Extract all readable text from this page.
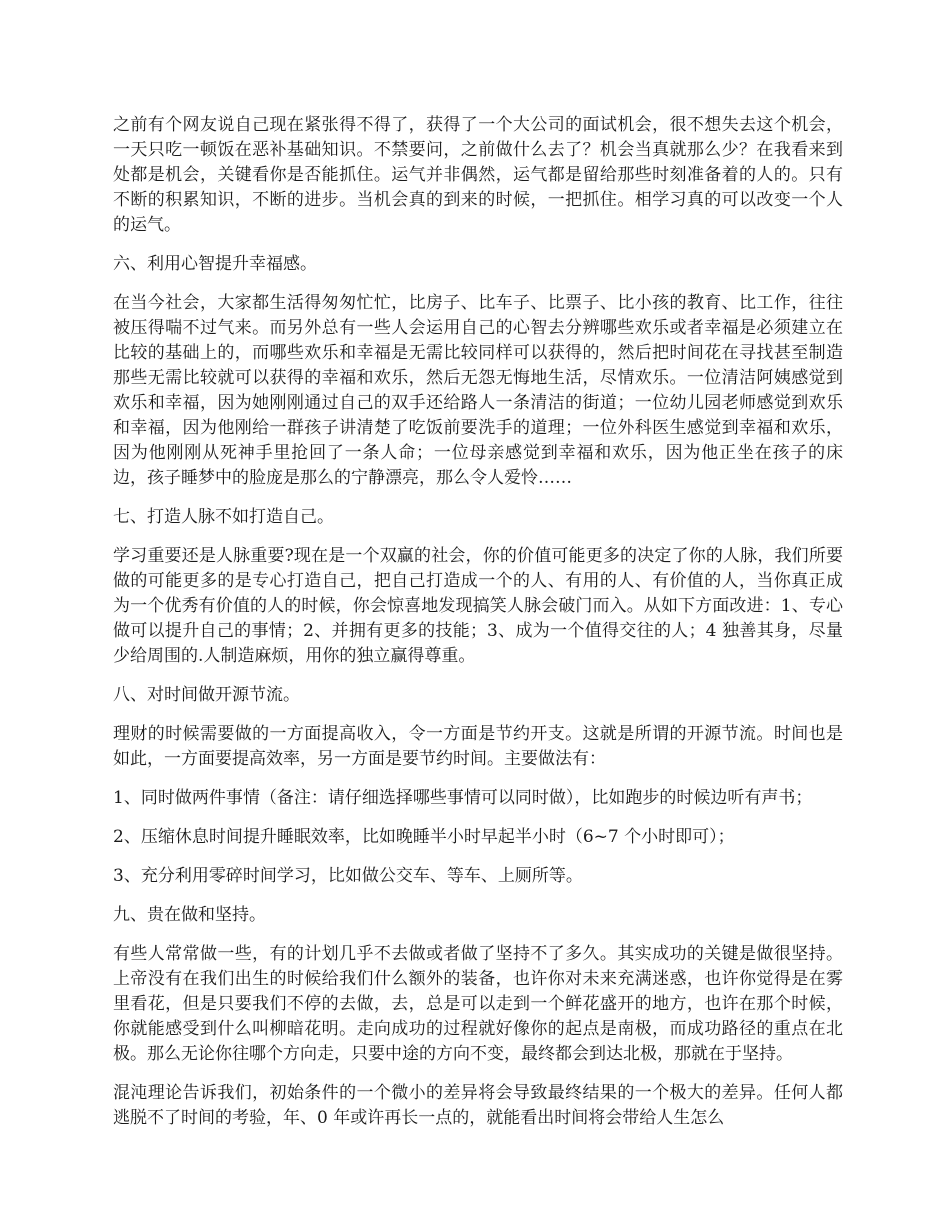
之前有个网友说自己现在紧张得不得了，获得了一个大公司的面试机会，很不想失去这个机会，一天只吃一顿饭在恶补基础知识。不禁要问，之前做什么去了？机会当真就那么少？在我看来到处都是机会，关键看你是否能抓住。运气并非偶然，运气都是留给那些时刻准备着的人的。只有不断的积累知识，不断的进步。当机会真的到来的时候，一把抓住。相学习真的可以改变一个人的运气。

六、利用心智提升幸福感。

在当今社会，大家都生活得匆匆忙忙，比房子、比车子、比票子、比小孩的教育、比工作，往往被压得喘不过气来。而另外总有一些人会运用自己的心智去分辨哪些欢乐或者幸福是必须建立在比较的基础上的，而哪些欢乐和幸福是无需比较同样可以获得的，然后把时间花在寻找甚至制造那些无需比较就可以获得的幸福和欢乐，然后无怨无悔地生活，尽情欢乐。一位清洁阿姨感觉到欢乐和幸福，因为她刚刚通过自己的双手还给路人一条清洁的街道；一位幼儿园老师感觉到欢乐和幸福，因为他刚给一群孩子讲清楚了吃饭前要洗手的道理；一位外科医生感觉到幸福和欢乐，因为他刚刚从死神手里抢回了一条人命；一位母亲感觉到幸福和欢乐，因为他正坐在孩子的床边，孩子睡梦中的脸庞是那么的宁静漂亮，那么令人爱怜……

七、打造人脉不如打造自己。

学习重要还是人脉重要?现在是一个双赢的社会，你的价值可能更多的决定了你的人脉，我们所要做的可能更多的是专心打造自己，把自己打造成一个的人、有用的人、有价值的人，当你真正成为一个优秀有价值的人的时候，你会惊喜地发现搞笑人脉会破门而入。从如下方面改进：1、专心做可以提升自己的事情；2、并拥有更多的技能；3、成为一个值得交往的人；4 独善其身，尽量少给周围的.人制造麻烦，用你的独立赢得尊重。

八、对时间做开源节流。

理财的时候需要做的一方面提高收入，令一方面是节约开支。这就是所谓的开源节流。时间也是如此，一方面要提高效率，另一方面是要节约时间。主要做法有：

1、同时做两件事情（备注：请仔细选择哪些事情可以同时做），比如跑步的时候边听有声书；

2、压缩休息时间提升睡眠效率，比如晚睡半小时早起半小时（6~7 个小时即可）；

3、充分利用零碎时间学习，比如做公交车、等车、上厕所等。

九、贵在做和坚持。

有些人常常做一些，有的计划几乎不去做或者做了坚持不了多久。其实成功的关键是做很坚持。上帝没有在我们出生的时候给我们什么额外的装备，也许你对未来充满迷惑，也许你觉得是在雾里看花，但是只要我们不停的去做，去，总是可以走到一个鲜花盛开的地方，也许在那个时候，你就能感受到什么叫柳暗花明。走向成功的过程就好像你的起点是南极，而成功路径的重点在北极。那么无论你往哪个方向走，只要中途的方向不变，最终都会到达北极，那就在于坚持。

混沌理论告诉我们，初始条件的一个微小的差异将会导致最终结果的一个极大的差异。任何人都逃脱不了时间的考验，年、0 年或许再长一点的，就能看出时间将会带给人生怎么
